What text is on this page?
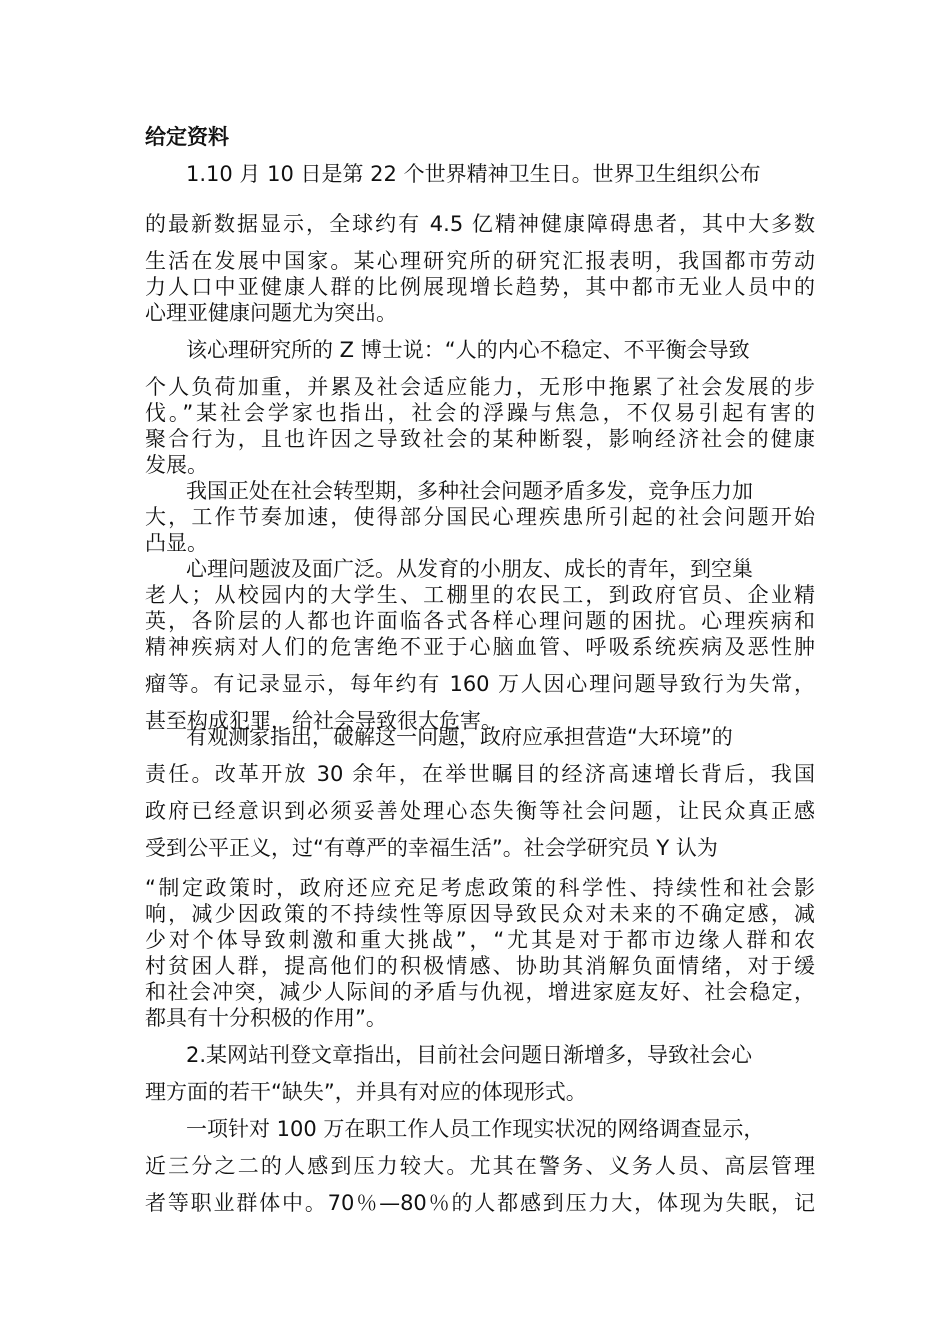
给定资料
1.10 月 10 日是第 22 个世界精神卫生日。世界卫生组织公布
的最新数据显示，全球约有 4.5 亿精神健康障碍患者，其中大多数
生活在发展中国家。某心理研究所的研究汇报表明，我国都市劳动
力人口中亚健康人群的比例展现增长趋势，其中都市无业人员中的
心理亚健康问题尤为突出。
该心理研究所的 Z 博士说：“人的内心不稳定、不平衡会导致
个人负荷加重，并累及社会适应能力，无形中拖累了社会发展的步
伐。”某社会学家也指出，社会的浮躁与焦急，不仅易引起有害的
聚合行为，且也许因之导致社会的某种断裂，影响经济社会的健康
发展。
我国正处在社会转型期，多种社会问题矛盾多发，竞争压力加
大，工作节奏加速，使得部分国民心理疾患所引起的社会问题开始
凸显。
心理问题波及面广泛。从发育的小朋友、成长的青年，到空巢
老人；从校园内的大学生、工棚里的农民工，到政府官员、企业精
英，各阶层的人都也许面临各式各样心理问题的困扰。心理疾病和
精神疾病对人们的危害绝不亚于心脑血管、呼吸系统疾病及恶性肿
瘤等。有记录显示，每年约有 160 万人因心理问题导致行为失常，
甚至构成犯罪，给社会导致很大危害。
有观测家指出，破解这一问题，政府应承担营造“大环境”的
责任。改革开放 30 余年，在举世瞩目的经济高速增长背后，我国
政府已经意识到必须妥善处理心态失衡等社会问题，让民众真正感
受到公平正义，过“有尊严的幸福生活”。社会学研究员 Y 认为
“制定政策时，政府还应充足考虑政策的科学性、持续性和社会影
响，减少因政策的不持续性等原因导致民众对未来的不确定感，减
少对个体导致刺激和重大挑战”，“尤其是对于都市边缘人群和农
村贫困人群，提高他们的积极情感、协助其消解负面情绪，对于缓
和社会冲突，减少人际间的矛盾与仇视，增进家庭友好、社会稳定，
都具有十分积极的作用”。
2.某网站刊登文章指出，目前社会问题日渐增多，导致社会心
理方面的若干“缺失”，并具有对应的体现形式。
一项针对 100 万在职工作人员工作现实状况的网络调查显示，
近三分之二的人感到压力较大。尤其在警务、义务人员、高层管理
者等职业群体中。70％—80％的人都感到压力大，体现为失眠，记
